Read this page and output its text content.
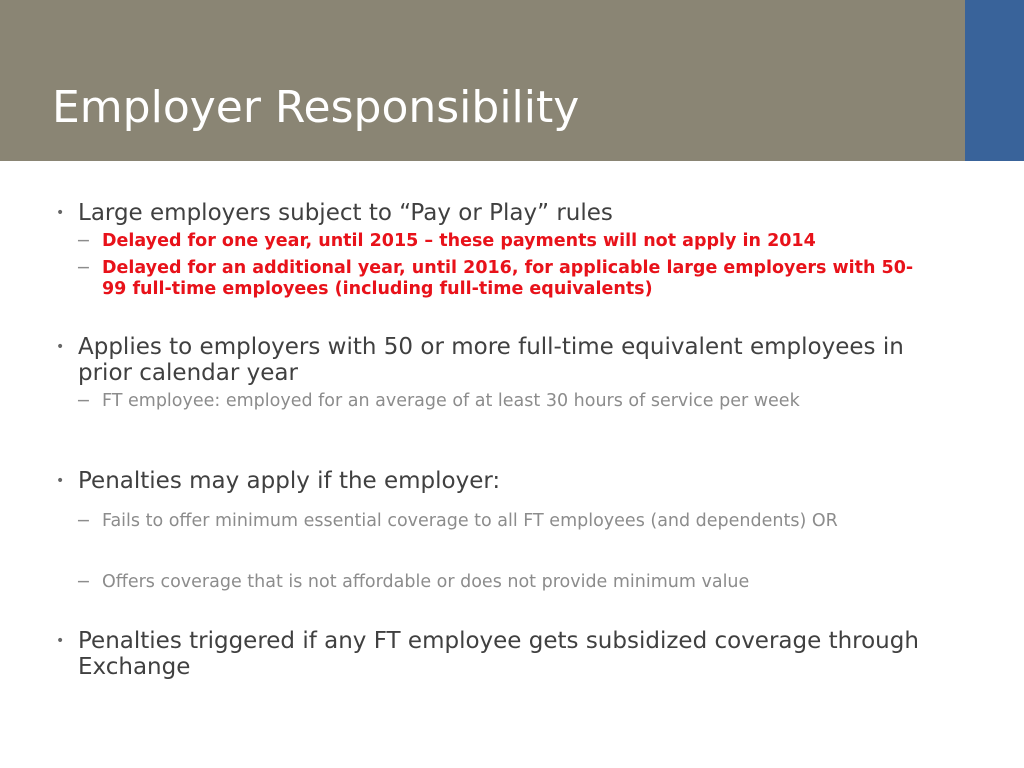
Employer Responsibility
• Large employers subject to “Pay or Play” rules
− Delayed for one year, until 2015 – these payments will not apply in 2014
− Delayed for an additional year, until 2016, for applicable large employers with 50-99 full-time employees (including full-time equivalents)
• Applies to employers with 50 or more full-time equivalent employees in prior calendar year
− FT employee: employed for an average of at least 30 hours of service per week
• Penalties may apply if the employer:
− Fails to offer minimum essential coverage to all FT employees (and dependents) OR
− Offers coverage that is not affordable or does not provide minimum value
• Penalties triggered if any FT employee gets subsidized coverage through Exchange
